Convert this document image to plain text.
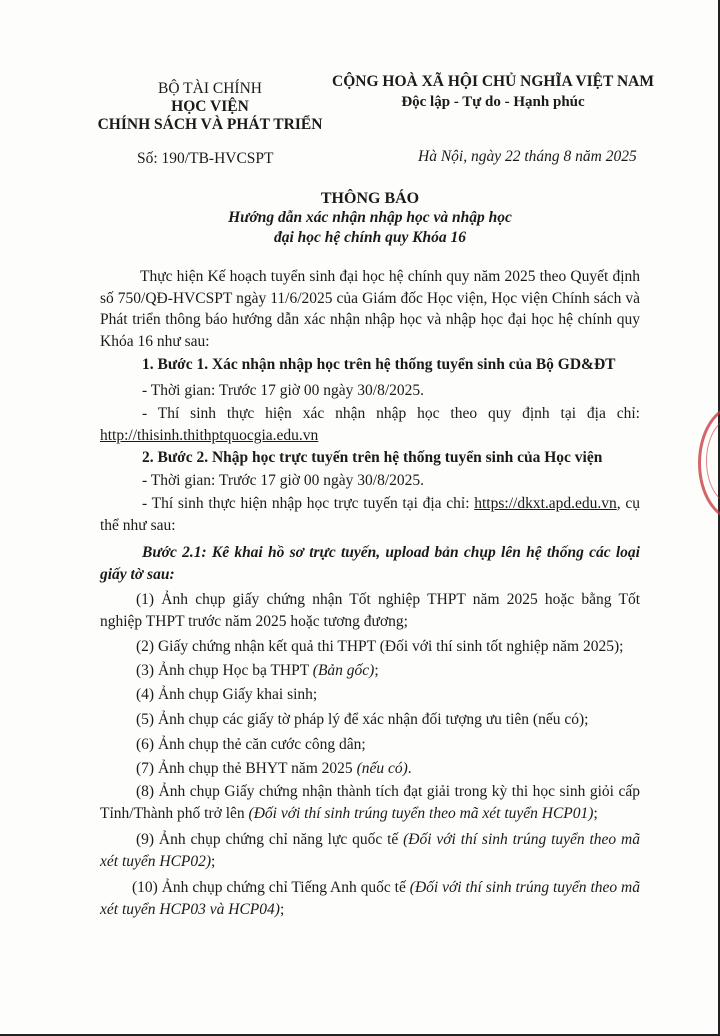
BỘ TÀI CHÍNH
HỌC VIỆN
CHÍNH SÁCH VÀ PHÁT TRIỂN
CỘNG HOÀ XÃ HỘI CHỦ NGHĨA VIỆT NAM
Độc lập - Tự do - Hạnh phúc
Số: 190/TB-HVCSPT	Hà Nội, ngày 22 tháng 8 năm 2025
THÔNG BÁO
Hướng dẫn xác nhận nhập học và nhập học
đại học hệ chính quy Khóa 16
Thực hiện Kế hoạch tuyển sinh đại học hệ chính quy năm 2025 theo Quyết định số 750/QĐ-HVCSPT ngày 11/6/2025 của Giám đốc Học viện, Học viện Chính sách và Phát triển thông báo hướng dẫn xác nhận nhập học và nhập học đại học hệ chính quy Khóa 16 như sau:
1. Bước 1. Xác nhận nhập học trên hệ thống tuyển sinh của Bộ GD&ĐT
- Thời gian: Trước 17 giờ 00 ngày 30/8/2025.
- Thí sinh thực hiện xác nhận nhập học theo quy định tại địa chỉ:
http://thisinh.thithptquocgia.edu.vn
2. Bước 2. Nhập học trực tuyến trên hệ thống tuyển sinh của Học viện
- Thời gian: Trước 17 giờ 00 ngày 30/8/2025.
- Thí sinh thực hiện nhập học trực tuyến tại địa chỉ: https://dkxt.apd.edu.vn, cụ thể như sau:
Bước 2.1: Kê khai hồ sơ trực tuyến, upload bản chụp lên hệ thống các loại giấy tờ sau:
(1) Ảnh chụp giấy chứng nhận Tốt nghiệp THPT năm 2025 hoặc bằng Tốt nghiệp THPT trước năm 2025 hoặc tương đương;
(2) Giấy chứng nhận kết quả thi THPT (Đối với thí sinh tốt nghiệp năm 2025);
(3) Ảnh chụp Học bạ THPT (Bản gốc);
(4) Ảnh chụp Giấy khai sinh;
(5) Ảnh chụp các giấy tờ pháp lý để xác nhận đối tượng ưu tiên (nếu có);
(6) Ảnh chụp thẻ căn cước công dân;
(7) Ảnh chụp thẻ BHYT năm 2025 (nếu có).
(8) Ảnh chụp Giấy chứng nhận thành tích đạt giải trong kỳ thi học sinh giỏi cấp Tỉnh/Thành phố trở lên (Đối với thí sinh trúng tuyển theo mã xét tuyển HCP01);
(9) Ảnh chụp chứng chỉ năng lực quốc tế (Đối với thí sinh trúng tuyển theo mã xét tuyển HCP02);
(10) Ảnh chụp chứng chỉ Tiếng Anh quốc tế (Đối với thí sinh trúng tuyển theo mã xét tuyển HCP03 và HCP04);
